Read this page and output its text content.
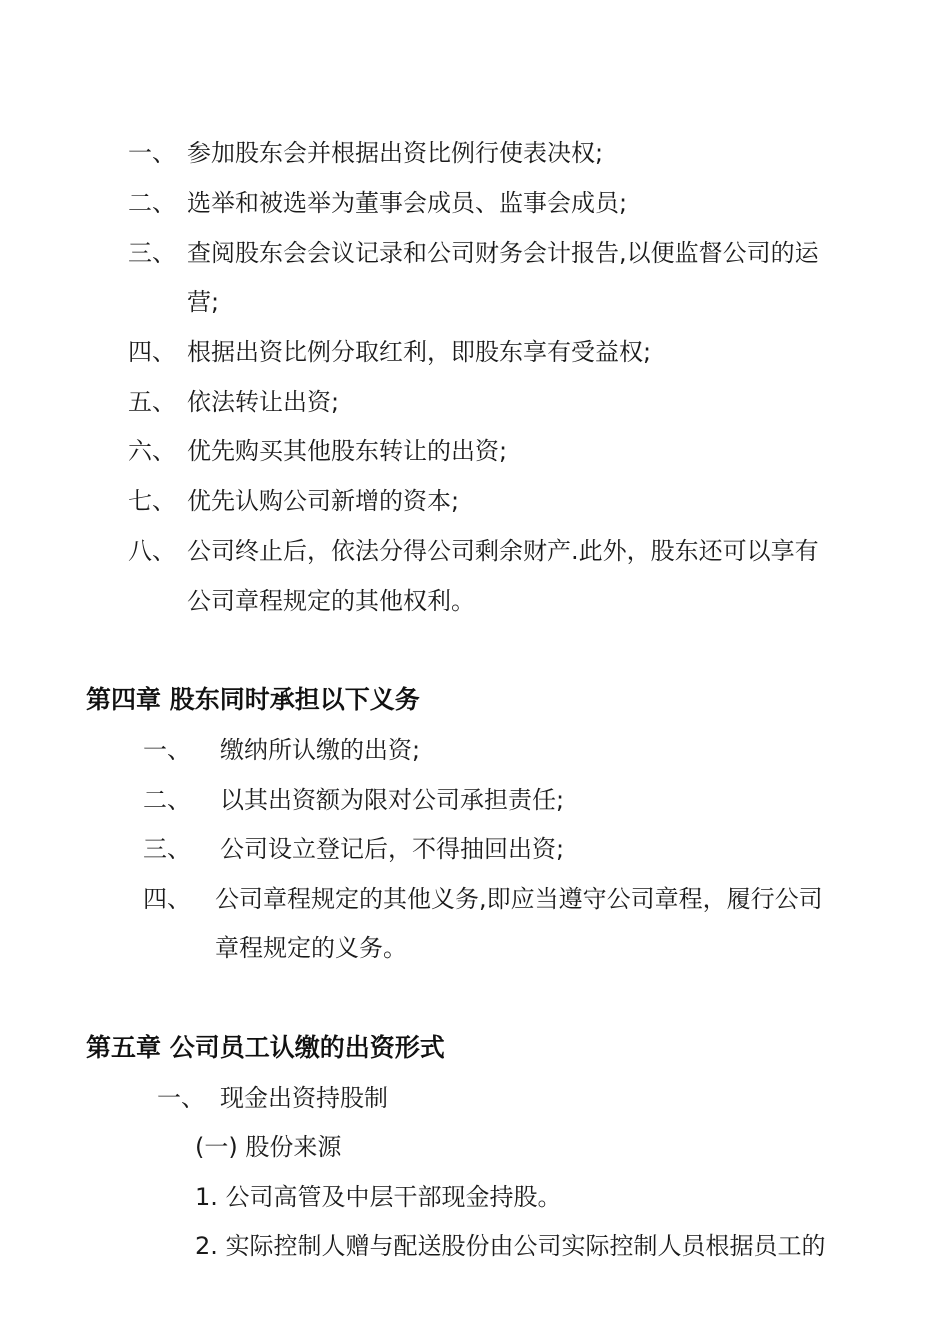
一、 参加股东会并根据出资比例行使表决权;
二、 选举和被选举为董事会成员、监事会成员;
三、 查阅股东会会议记录和公司财务会计报告,以便监督公司的运
营;
四、 根据出资比例分取红利，即股东享有受益权;
五、 依法转让出资;
六、 优先购买其他股东转让的出资;
七、 优先认购公司新增的资本;
八、 公司终止后，依法分得公司剩余财产.此外，股东还可以享有
公司章程规定的其他权利。
第四章 股东同时承担以下义务
一、 缴纳所认缴的出资;
二、 以其出资额为限对公司承担责任;
三、 公司设立登记后，不得抽回出资;
四、 公司章程规定的其他义务,即应当遵守公司章程，履行公司
章程规定的义务。
第五章 公司员工认缴的出资形式
一、 现金出资持股制
(一) 股份来源
1. 公司高管及中层干部现金持股。
2. 实际控制人赠与配送股份由公司实际控制人员根据员工的
